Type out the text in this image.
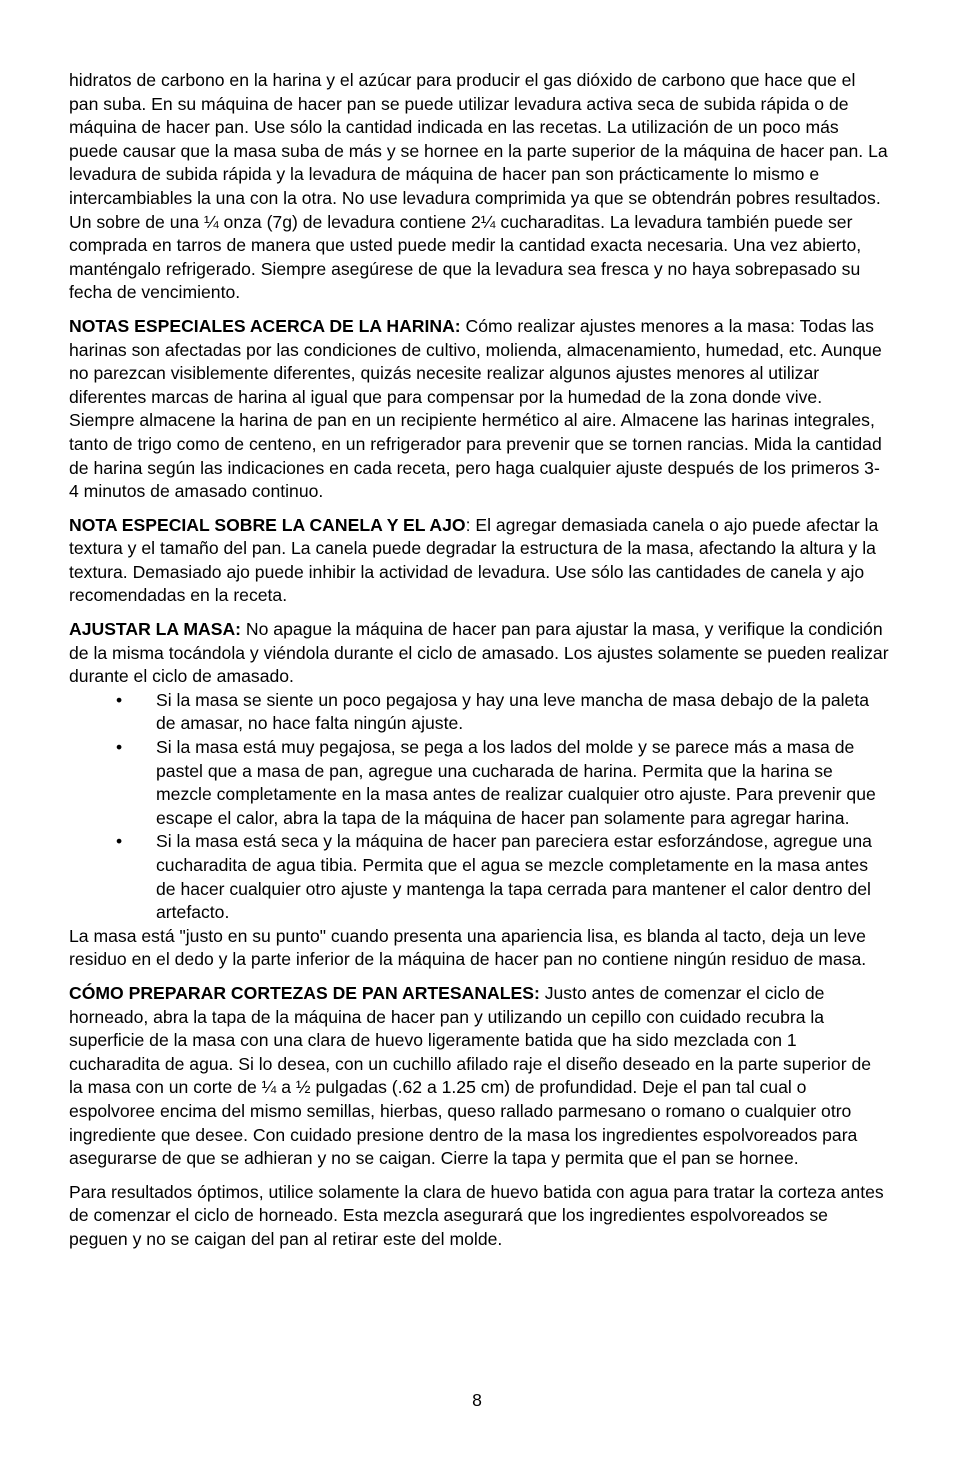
hidratos de carbono en la harina y el azúcar para producir el gas dióxido de carbono que hace que el pan suba. En su máquina de hacer pan se puede utilizar levadura activa seca de subida rápida o de máquina de hacer pan. Use sólo la cantidad indicada en las recetas. La utilización de un poco más puede causar que la masa suba de más y se hornee en la parte superior de la máquina de hacer pan. La levadura de subida rápida y la levadura de máquina de hacer pan son prácticamente lo mismo e intercambiables la una con la otra. No use levadura comprimida ya que se obtendrán pobres resultados. Un sobre de una ¼ onza (7g) de levadura contiene 2¼ cucharaditas. La levadura también puede ser comprada en tarros de manera que usted puede medir la cantidad exacta necesaria. Una vez abierto, manténgalo refrigerado. Siempre asegúrese de que la levadura sea fresca y no haya sobrepasado su fecha de vencimiento.

NOTAS ESPECIALES ACERCA DE LA HARINA: Cómo realizar ajustes menores a la masa: Todas las harinas son afectadas por las condiciones de cultivo, molienda, almacenamiento, humedad, etc. Aunque no parezcan visiblemente diferentes, quizás necesite realizar algunos ajustes menores al utilizar diferentes marcas de harina al igual que para compensar por la humedad de la zona donde vive. Siempre almacene la harina de pan en un recipiente hermético al aire. Almacene las harinas integrales, tanto de trigo como de centeno, en un refrigerador para prevenir que se tornen rancias. Mida la cantidad de harina según las indicaciones en cada receta, pero haga cualquier ajuste después de los primeros 3-4 minutos de amasado continuo.

NOTA ESPECIAL SOBRE LA CANELA Y EL AJO: El agregar demasiada canela o ajo puede afectar la textura y el tamaño del pan. La canela puede degradar la estructura de la masa, afectando la altura y la textura. Demasiado ajo puede inhibir la actividad de levadura. Use sólo las cantidades de canela y ajo recomendadas en la receta.

AJUSTAR LA MASA: No apague la máquina de hacer pan para ajustar la masa, y verifique la condición de la misma tocándola y viéndola durante el ciclo de amasado. Los ajustes solamente se pueden realizar durante el ciclo de amasado.

• Si la masa se siente un poco pegajosa y hay una leve mancha de masa debajo de la paleta de amasar, no hace falta ningún ajuste.
• Si la masa está muy pegajosa, se pega a los lados del molde y se parece más a masa de pastel que a masa de pan, agregue una cucharada de harina. Permita que la harina se mezcle completamente en la masa antes de realizar cualquier otro ajuste. Para prevenir que escape el calor, abra la tapa de la máquina de hacer pan solamente para agregar harina.
• Si la masa está seca y la máquina de hacer pan pareciera estar esforzándose, agregue una cucharadita de agua tibia. Permita que el agua se mezcle completamente en la masa antes de hacer cualquier otro ajuste y mantenga la tapa cerrada para mantener el calor dentro del artefacto.

La masa está "justo en su punto" cuando presenta una apariencia lisa, es blanda al tacto, deja un leve residuo en el dedo y la parte inferior de la máquina de hacer pan no contiene ningún residuo de masa.

CÓMO PREPARAR CORTEZAS DE PAN ARTESANALES: Justo antes de comenzar el ciclo de horneado, abra la tapa de la máquina de hacer pan y utilizando un cepillo con cuidado recubra la superficie de la masa con una clara de huevo ligeramente batida que ha sido mezclada con 1 cucharadita de agua. Si lo desea, con un cuchillo afilado raje el diseño deseado en la parte superior de la masa con un corte de ¼ a ½ pulgadas (.62 a 1.25 cm) de profundidad. Deje el pan tal cual o espolvoree encima del mismo semillas, hierbas, queso rallado parmesano o romano o cualquier otro ingrediente que desee. Con cuidado presione dentro de la masa los ingredientes espolvoreados para asegurarse de que se adhieran y no se caigan. Cierre la tapa y permita que el pan se hornee.

Para resultados óptimos, utilice solamente la clara de huevo batida con agua para tratar la corteza antes de comenzar el ciclo de horneado. Esta mezcla asegurará que los ingredientes espolvoreados se peguen y no se caigan del pan al retirar este del molde.

8
